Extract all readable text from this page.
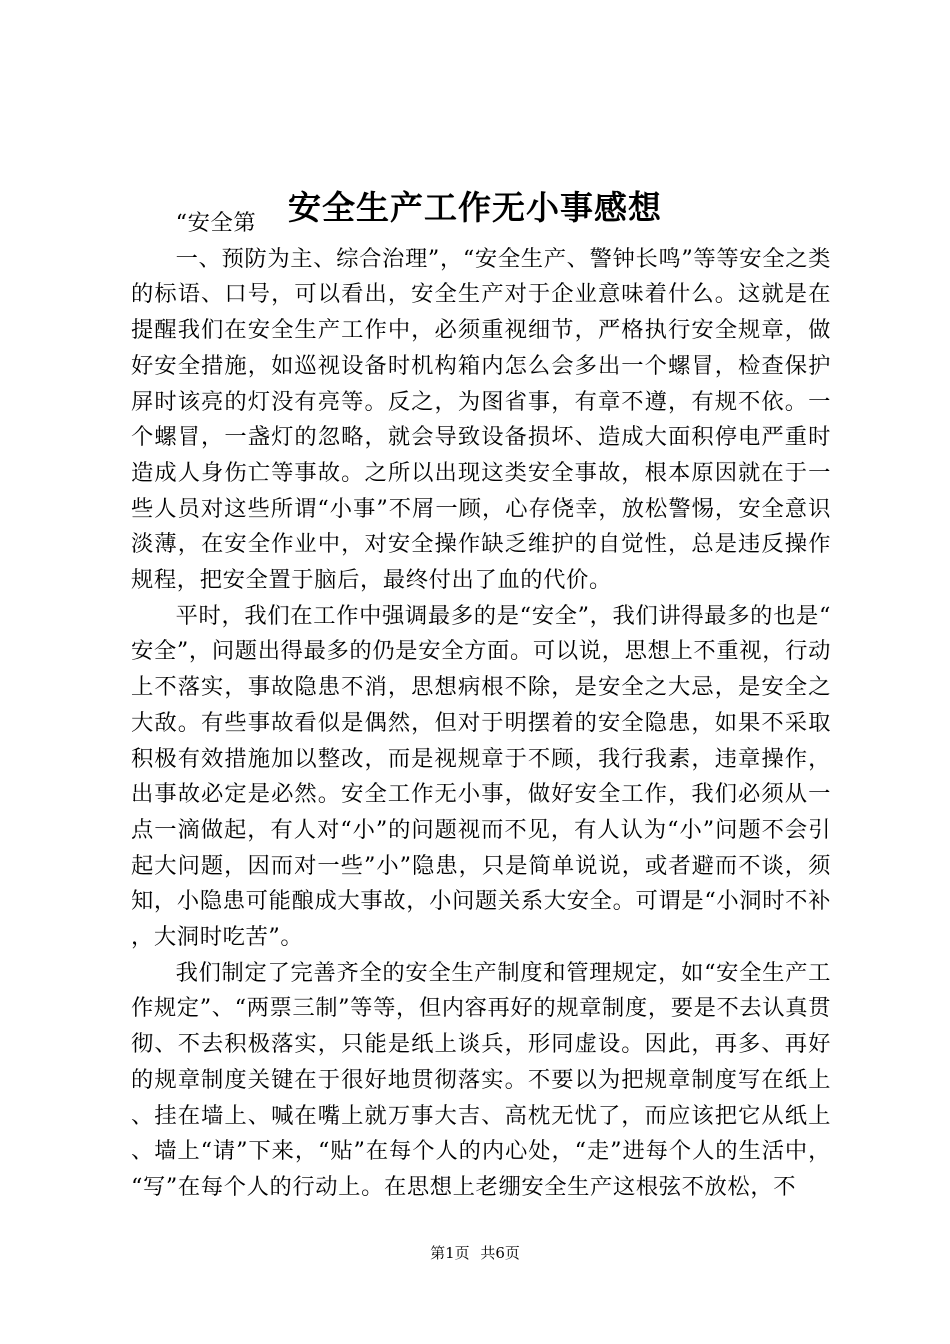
安全生产工作无小事感想

“安全第

一、预防为主、综合治理”，“安全生产、警钟长鸣”等等安全之类的标语、口号，可以看出，安全生产对于企业意味着什么。这就是在提醒我们在安全生产工作中，必须重视细节，严格执行安全规章，做好安全措施，如巡视设备时机构箱内怎么会多出一个螺冒，检查保护屏时该亮的灯没有亮等。反之，为图省事，有章不遵，有规不依。一个螺冒，一盏灯的忽略，就会导致设备损坏、造成大面积停电严重时造成人身伤亡等事故。之所以出现这类安全事故，根本原因就在于一些人员对这些所谓“小事”不屑一顾，心存侥幸，放松警惕，安全意识淡薄，在安全作业中，对安全操作缺乏维护的自觉性，总是违反操作规程，把安全置于脑后，最终付出了血的代价。

平时，我们在工作中强调最多的是“安全”，我们讲得最多的也是“安全”，问题出得最多的仍是安全方面。可以说，思想上不重视，行动上不落实，事故隐患不消，思想病根不除，是安全之大忌，是安全之大敌。有些事故看似是偶然，但对于明摆着的安全隐患，如果不采取积极有效措施加以整改，而是视规章于不顾，我行我素，违章操作，出事故必定是必然。安全工作无小事，做好安全工作，我们必须从一点一滴做起，有人对“小”的问题视而不见，有人认为“小”问题不会引起大问题，因而对一些”小”隐患，只是简单说说，或者避而不谈，须知，小隐患可能酿成大事故，小问题关系大安全。可谓是“小洞时不补，大洞时吃苦”。

我们制定了完善齐全的安全生产制度和管理规定，如“安全生产工作规定”、“两票三制”等等，但内容再好的规章制度，要是不去认真贯彻、不去积极落实，只能是纸上谈兵，形同虚设。因此，再多、再好的规章制度关键在于很好地贯彻落实。不要以为把规章制度写在纸上、挂在墙上、喊在嘴上就万事大吉、高枕无忧了，而应该把它从纸上、墙上“请”下来，“贴”在每个人的内心处，“走”进每个人的生活中，“写”在每个人的行动上。在思想上老绷安全生产这根弦不放松，不

第1页 共6页
